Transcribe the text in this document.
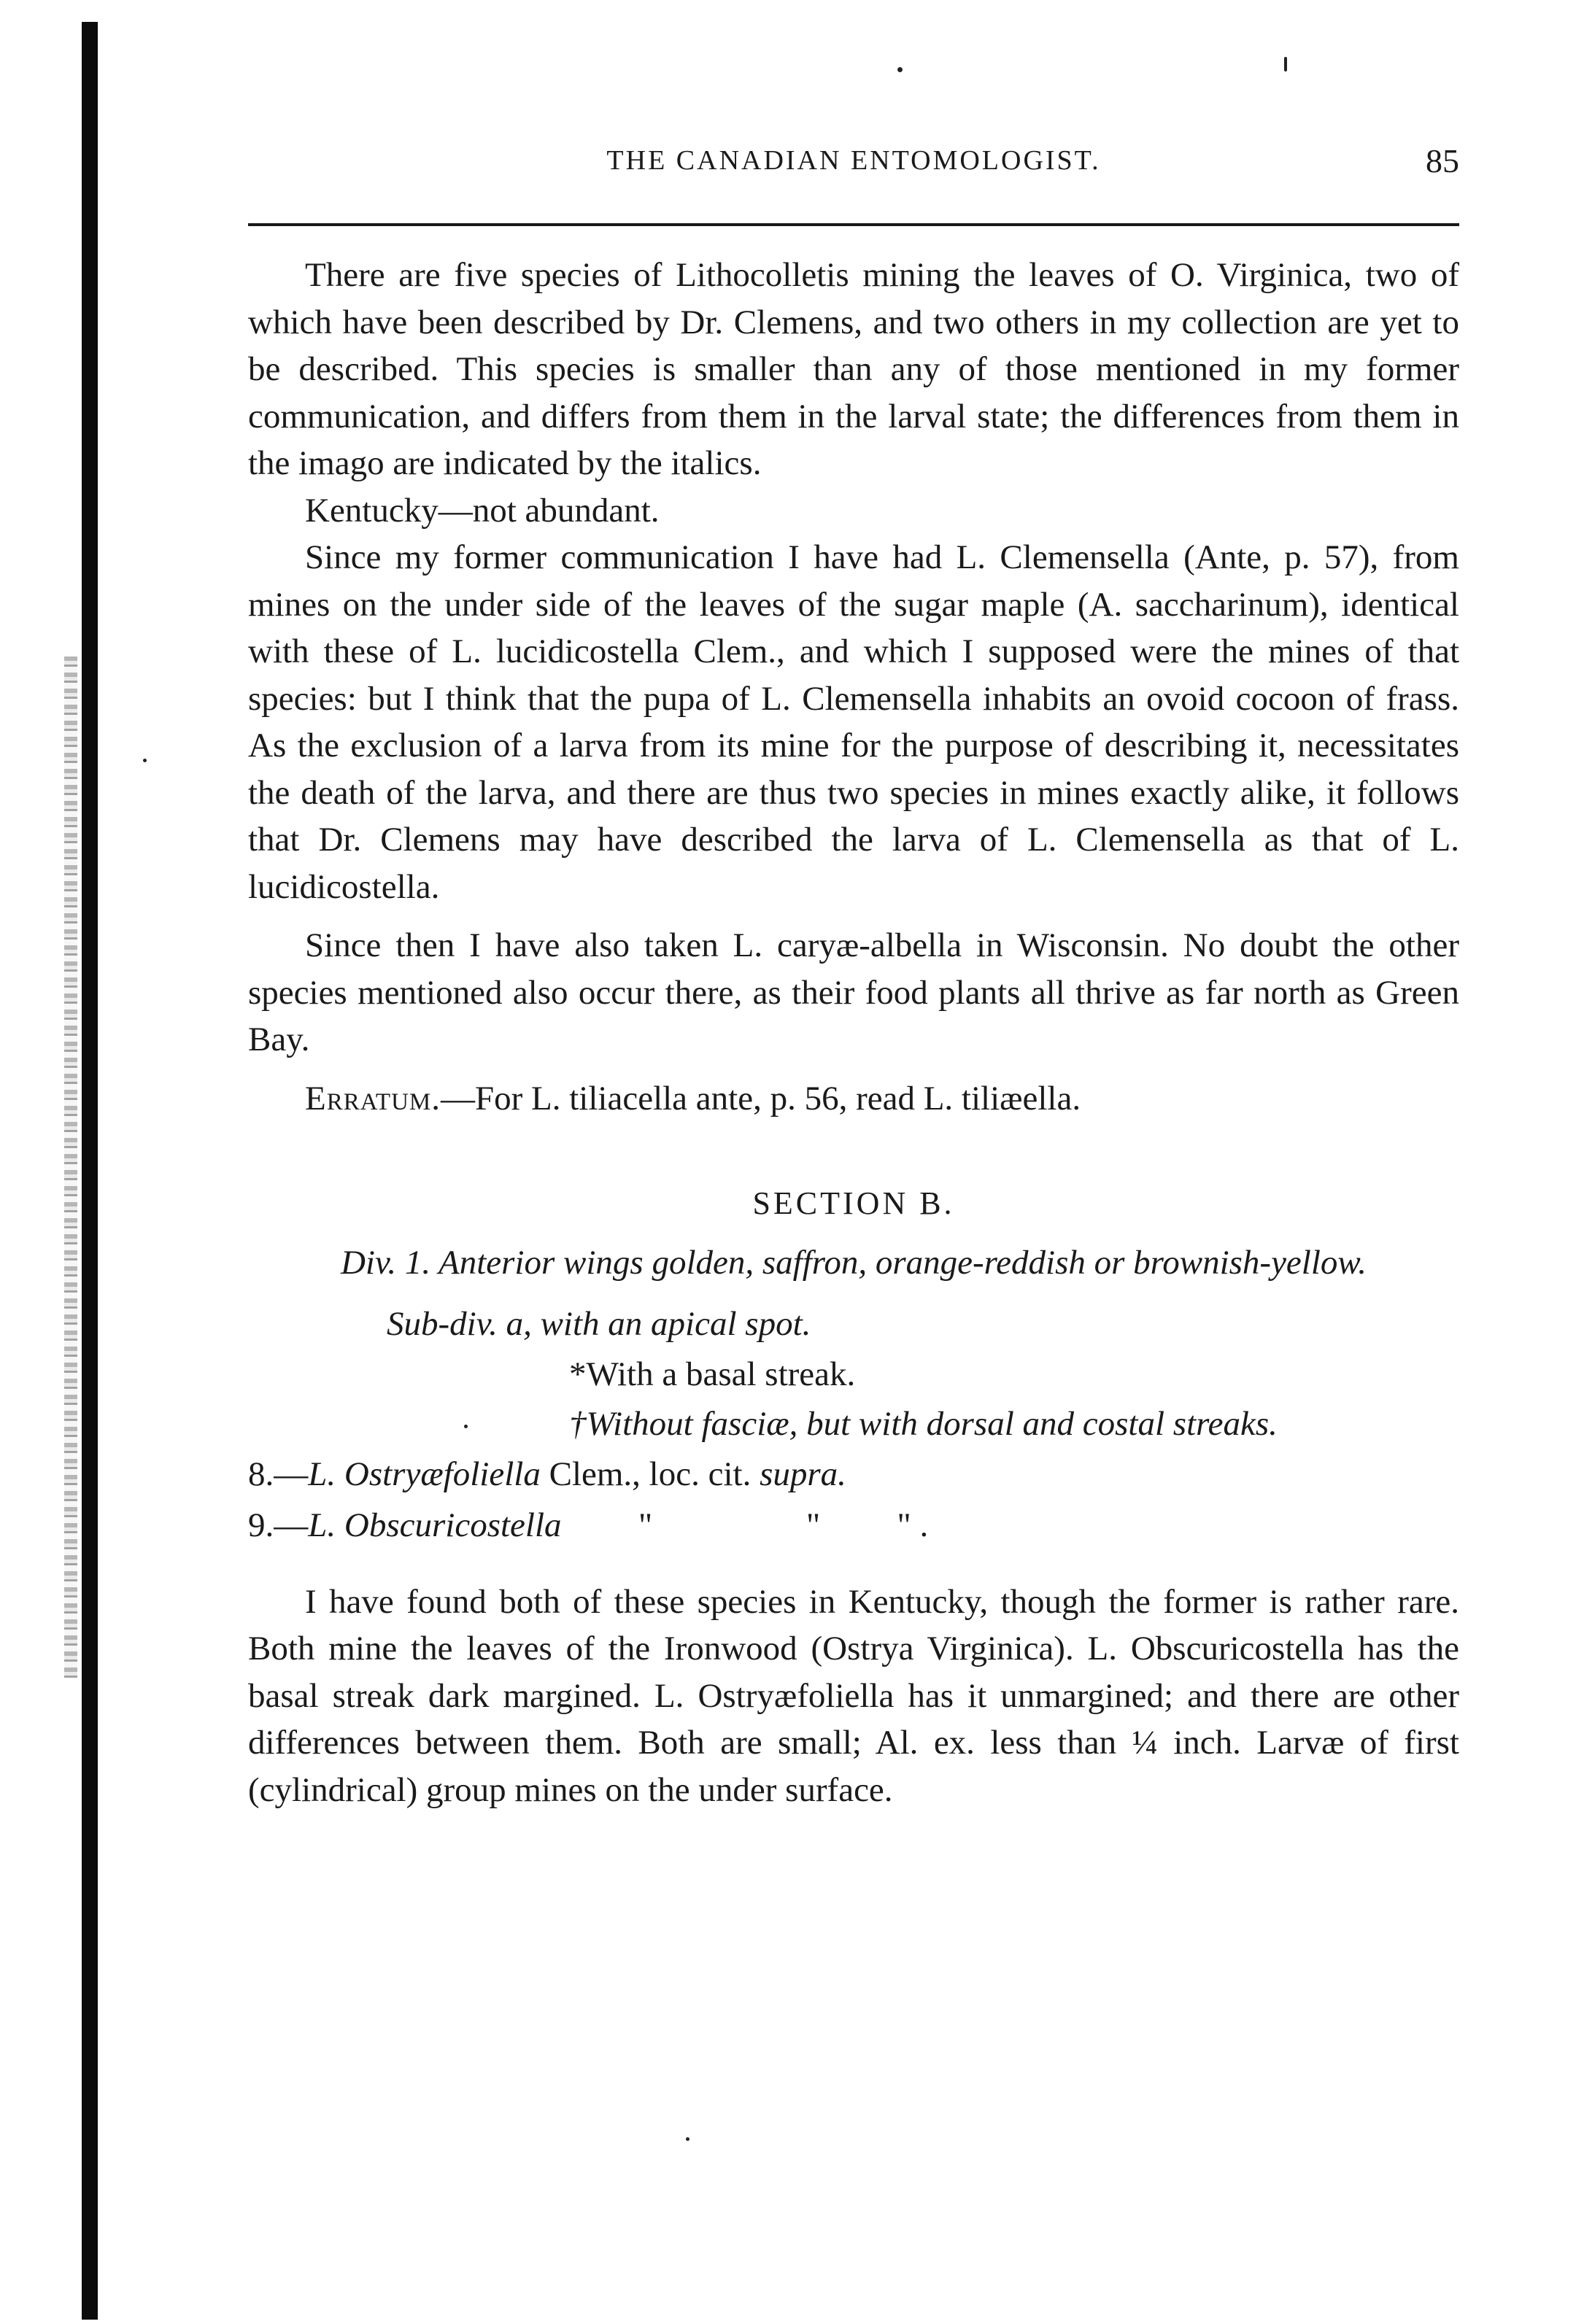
THE CANADIAN ENTOMOLOGIST.	85

There are five species of Lithocolletis mining the leaves of O. Virginica, two of which have been described by Dr. Clemens, and two others in my collection are yet to be described. This species is smaller than any of those mentioned in my former communication, and differs from them in the larval state; the differences from them in the imago are indicated by the italics.

Kentucky—not abundant.

Since my former communication I have had L. Clemensella (Ante, p. 57), from mines on the under side of the leaves of the sugar maple (A. saccharinum), identical with these of L. lucidicostella Clem., and which I supposed were the mines of that species: but I think that the pupa of L. Clemensella inhabits an ovoid cocoon of frass. As the exclusion of a larva from its mine for the purpose of describing it, necessitates the death of the larva, and there are thus two species in mines exactly alike, it follows that Dr. Clemens may have described the larva of L. Clemensella as that of L. lucidicostella.

Since then I have also taken L. caryæ-albella in Wisconsin. No doubt the other species mentioned also occur there, as their food plants all thrive as far north as Green Bay.

Erratum.—For L. tiliacella ante, p. 56, read L. tiliæella.

SECTION B.

Div. 1. Anterior wings golden, saffron, orange-reddish or brownish-yellow.

Sub-div. a, with an apical spot.

*With a basal streak.

†Without fasciæ, but with dorsal and costal streaks.

8.—L. Ostryæfoliella Clem., loc. cit. supra.

9.—L. Obscuricostella "	" " .

I have found both of these species in Kentucky, though the former is rather rare. Both mine the leaves of the Ironwood (Ostrya Virginica). L. Obscuricostella has the basal streak dark margined. L. Ostryæfoliella has it unmargined; and there are other differences between them. Both are small; Al. ex. less than ¼ inch. Larvæ of first (cylindrical) group mines on the under surface.
